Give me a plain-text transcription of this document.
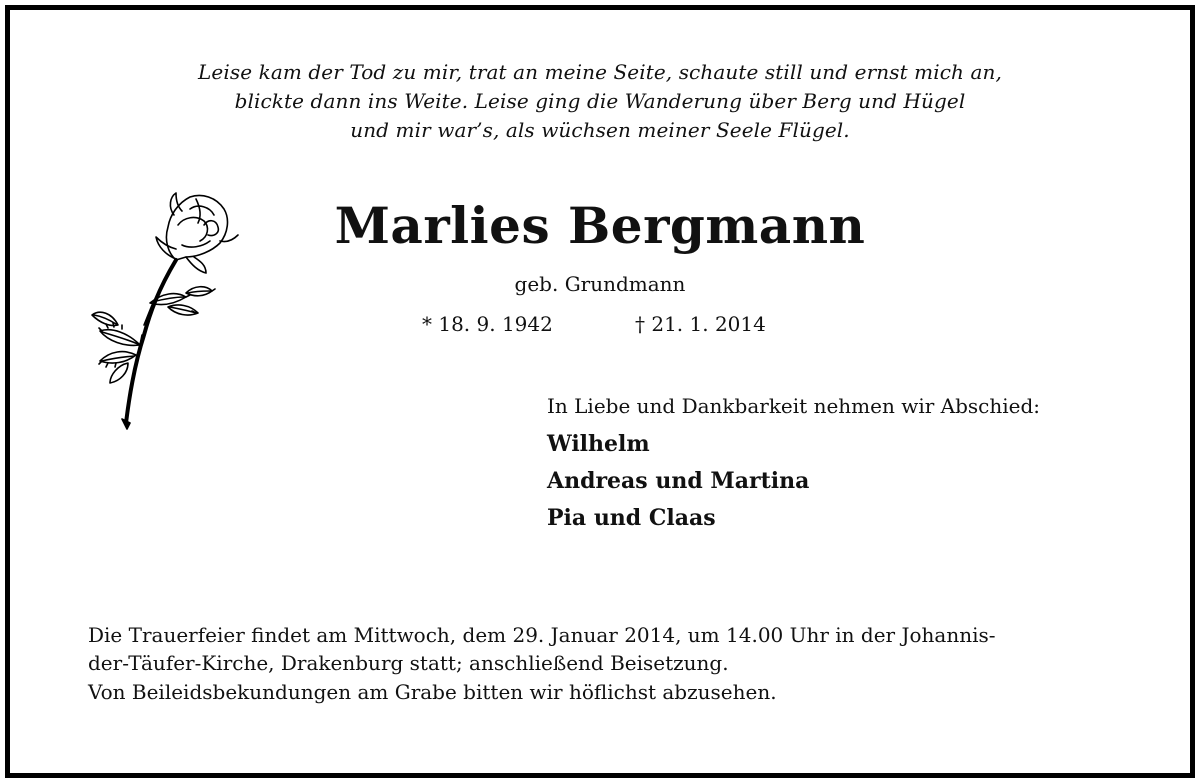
Leise kam der Tod zu mir, trat an meine Seite, schaute still und ernst mich an,
blickte dann ins Weite. Leise ging die Wanderung über Berg und Hügel
und mir war’s, als wüchsen meiner Seele Flügel.
Marlies Bergmann
geb. Grundmann
* 18. 9. 1942	† 21. 1. 2014
In Liebe und Dankbarkeit nehmen wir Abschied:
Wilhelm
Andreas und Martina
Pia und Claas
Die Trauerfeier findet am Mittwoch, dem 29. Januar 2014, um 14.00 Uhr in der Johannis-
der-Täufer-Kirche, Drakenburg statt; anschließend Beisetzung.
Von Beileidsbekundungen am Grabe bitten wir höflichst abzusehen.
